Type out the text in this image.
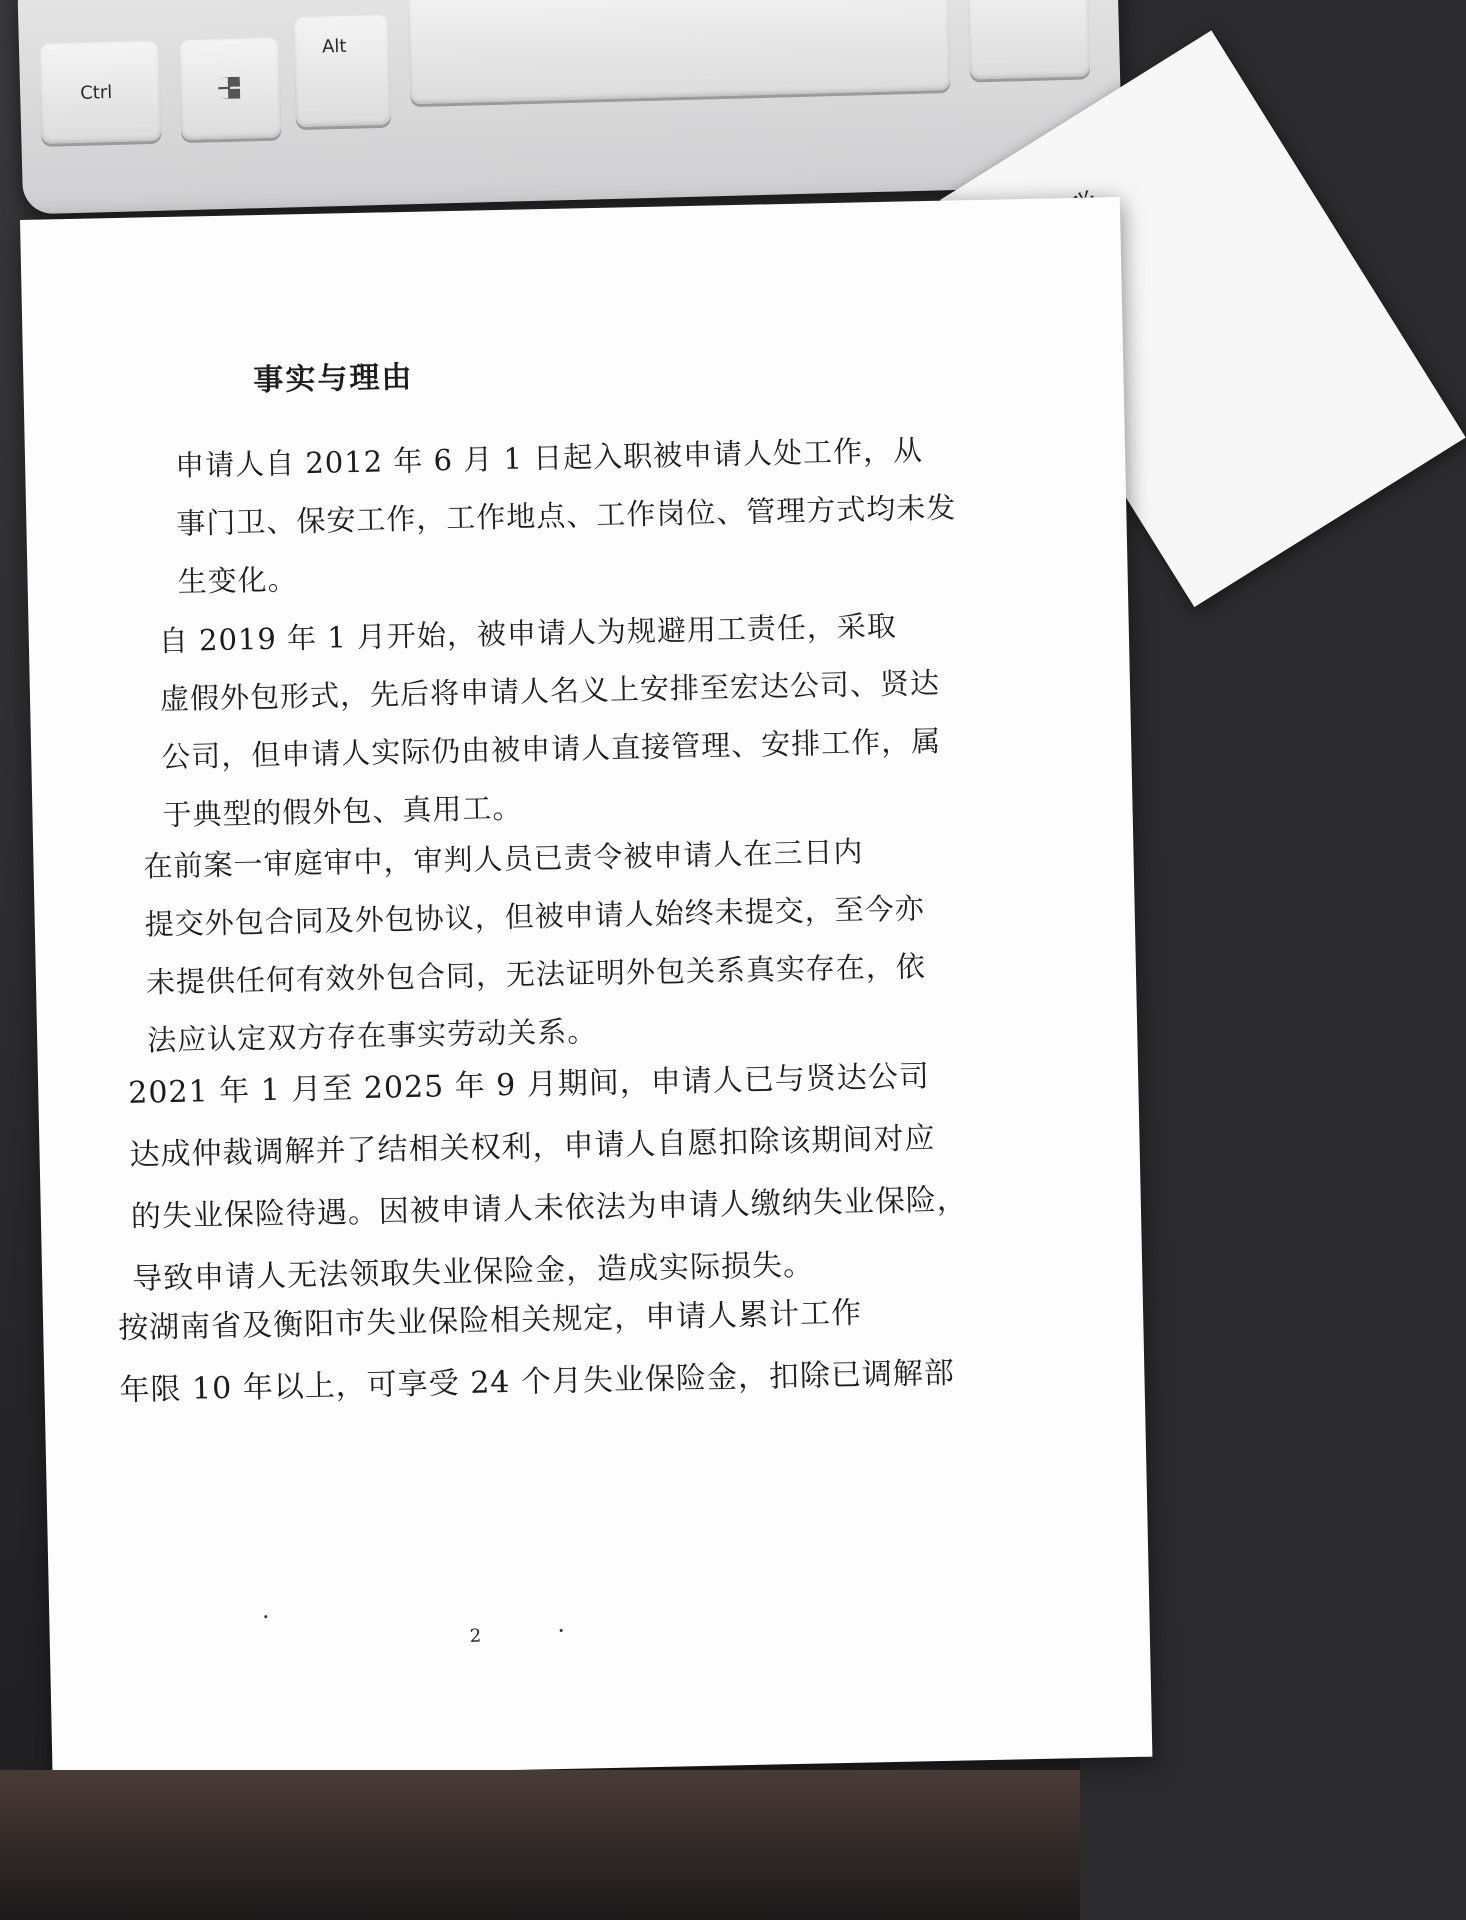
Ctrl
Alt
事实与理由
申请人自 2012 年 6 月 1 日起入职被申请人处工作，从
事门卫、保安工作，工作地点、工作岗位、管理方式均未发
生变化。
自 2019 年 1 月开始，被申请人为规避用工责任，采取
虚假外包形式，先后将申请人名义上安排至宏达公司、贤达
公司，但申请人实际仍由被申请人直接管理、安排工作，属
于典型的假外包、真用工。
在前案一审庭审中，审判人员已责令被申请人在三日内
提交外包合同及外包协议，但被申请人始终未提交，至今亦
未提供任何有效外包合同，无法证明外包关系真实存在，依
法应认定双方存在事实劳动关系。
2021 年 1 月至 2025 年 9 月期间，申请人已与贤达公司
达成仲裁调解并了结相关权利，申请人自愿扣除该期间对应
的失业保险待遇。因被申请人未依法为申请人缴纳失业保险，
导致申请人无法领取失业保险金，造成实际损失。
按湖南省及衡阳市失业保险相关规定，申请人累计工作
年限 10 年以上，可享受 24 个月失业保险金，扣除已调解部
2
